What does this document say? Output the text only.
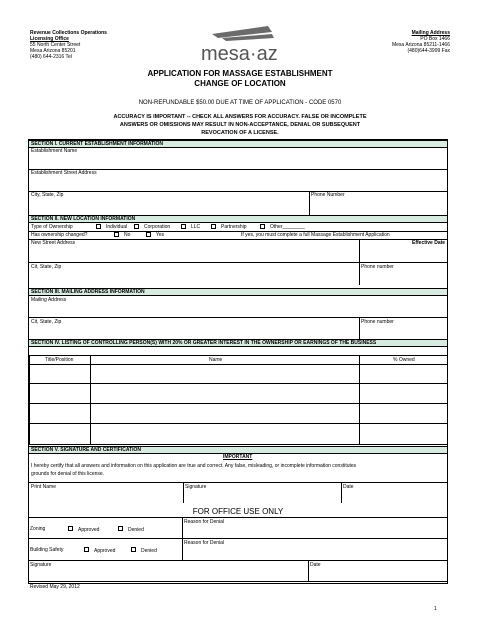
Revenue Collections Operations
Licensing Office
55 North Center Street
Mesa Arizona 85201
(480) 644-2316 Tel
Mailing Address
PO Box 1466
Mesa Arizona 85211-1466
(480)644-3999 Fax
mesa·az
APPLICATION FOR MASSAGE ESTABLISHMENT
CHANGE OF LOCATION
NON-REFUNDABLE $50.00 DUE AT TIME OF APPLICATION - CODE 0570
ACCURACY IS IMPORTANT -- CHECK ALL ANSWERS FOR ACCURACY. FALSE OR INCOMPLETE
ANSWERS OR OMISSIONS MAY RESULT IN NON-ACCEPTANCE, DENIAL OR SUBSEQUENT
REVOCATION OF A LICENSE.
SECTION I. CURRENT ESTABLISHMENT INFORMATION
Establishment Name
Establishment Street Address
City, State, Zip	Phone Number
SECTION II. NEW LOCATION INFORMATION
Type of Ownership	Individual	Corporation	LLC	Partnership	Other________
Has ownership changed?	No	Yes	If yes, you must complete a full Massage Establishment Application
New Street Address	Effective Date
Cit, State, Zip	Phone number
SECTION III. MAILING ADDRESS INFORMATION
Mailing Address
Cit, State, Zip	Phone number
SECTION IV. LISTING OF CONTROLLING PERSON(S) WITH 20% OR GREATER INTEREST IN THE OWNERSHIP OR EARNINGS OF THE BUSINESS
Title/Position	Name	% Owned
SECTION V. SIGNATURE AND CERTIFICATION
IMPORTANT
I hereby certify that all answers and information on this application are true and correct. Any false, misleading, or incomplete information constitutes
grounds for denial of this license.
Print Name	Signature	Date
FOR OFFICE USE ONLY
Zoning	Approved	Denied
Reason for Denial
Building Safety	Approved	Denied
Reason for Denial
Signature	Date
Revised May 29, 2012
1
